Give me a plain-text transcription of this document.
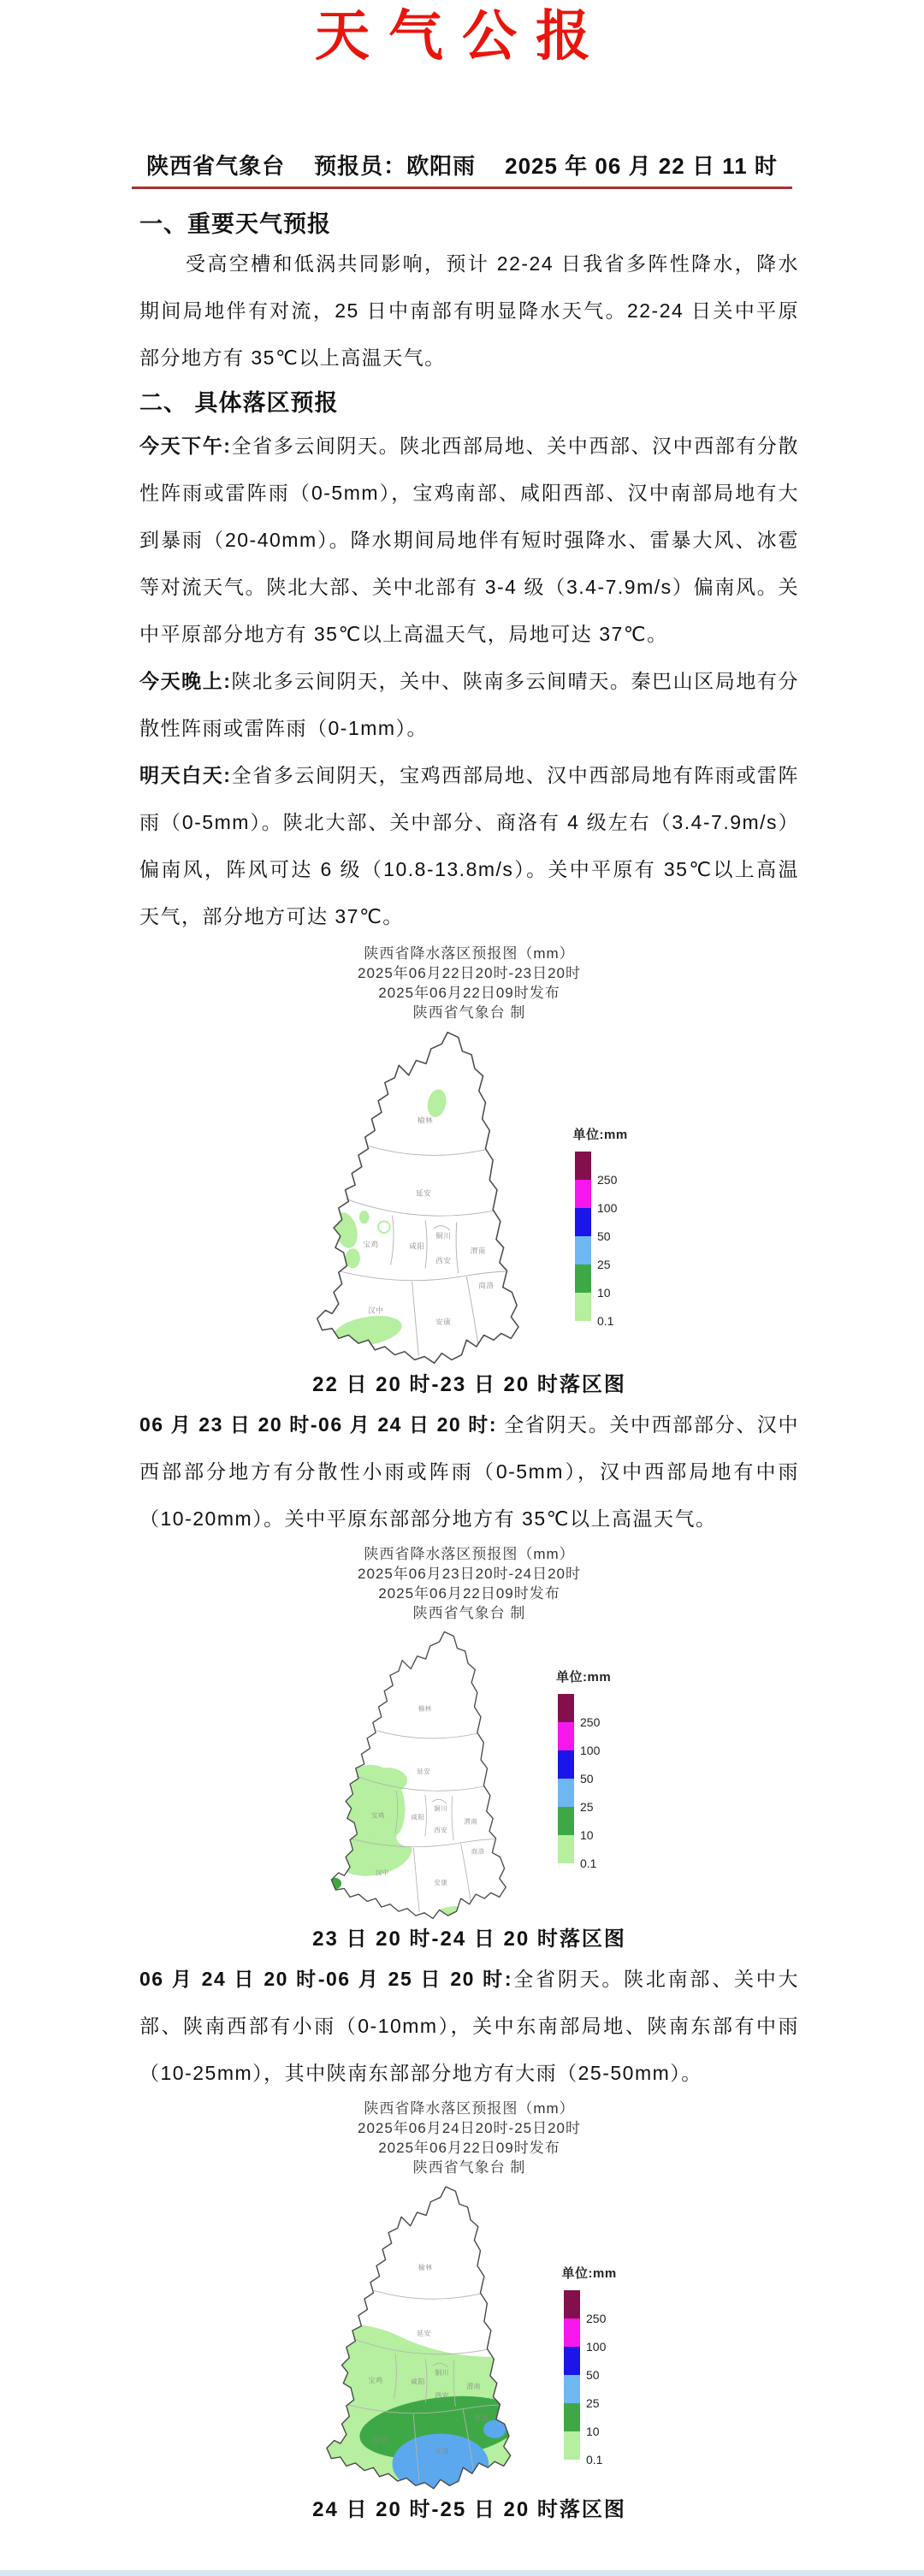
天气公报
陕西省气象台 预报员：欧阳雨 2025 年 06 月 22 日 11 时
一、重要天气预报

受高空槽和低涡共同影响，预计 22-24 日我省多阵性降水，降水期间局地伴有对流，25 日中南部有明显降水天气。22-24 日关中平原部分地方有 35℃以上高温天气。

二、 具体落区预报

今天下午:全省多云间阴天。陕北西部局地、关中西部、汉中西部有分散性阵雨或雷阵雨（0-5mm），宝鸡南部、咸阳西部、汉中南部局地有大到暴雨（20-40mm）。降水期间局地伴有短时强降水、雷暴大风、冰雹等对流天气。陕北大部、关中北部有 3-4 级（3.4-7.9m/s）偏南风。关中平原部分地方有 35℃以上高温天气，局地可达 37℃。

今天晚上:陕北多云间阴天，关中、陕南多云间晴天。秦巴山区局地有分散性阵雨或雷阵雨（0-1mm）。

明天白天:全省多云间阴天，宝鸡西部局地、汉中西部局地有阵雨或雷阵雨（0-5mm）。陕北大部、关中部分、商洛有 4 级左右（3.4-7.9m/s）偏南风，阵风可达 6 级（10.8-13.8m/s）。关中平原有 35℃以上高温天气，部分地方可达 37℃。

陕西省降水落区预报图（mm）
2025年06月22日20时-23日20时
2025年06月22日09时发布
陕西省气象台 制
榆林
延安
铜川
渭南
咸阳
西安
宝鸡
汉中
安康
商洛
单位:mm
250
100
50
25
10
0.1
22 日 20 时-23 日 20 时落区图

06 月 23 日 20 时-06 月 24 日 20 时: 全省阴天。关中西部部分、汉中西部部分地方有分散性小雨或阵雨（0-5mm），汉中西部局地有中雨（10-20mm）。关中平原东部部分地方有 35℃以上高温天气。

陕西省降水落区预报图（mm）
2025年06月23日20时-24日20时
2025年06月22日09时发布
陕西省气象台 制
榆林
延安
铜川
渭南
咸阳
西安
宝鸡
汉中
安康
商洛
单位:mm
250
100
50
25
10
0.1
23 日 20 时-24 日 20 时落区图

06 月 24 日 20 时-06 月 25 日 20 时:全省阴天。陕北南部、关中大部、陕南西部有小雨（0-10mm），关中东南部局地、陕南东部有中雨（10-25mm），其中陕南东部部分地方有大雨（25-50mm）。

陕西省降水落区预报图（mm）
2025年06月24日20时-25日20时
2025年06月22日09时发布
陕西省气象台 制
榆林
延安
铜川
渭南
咸阳
西安
宝鸡
汉中
安康
商洛
单位:mm
250
100
50
25
10
0.1
24 日 20 时-25 日 20 时落区图
